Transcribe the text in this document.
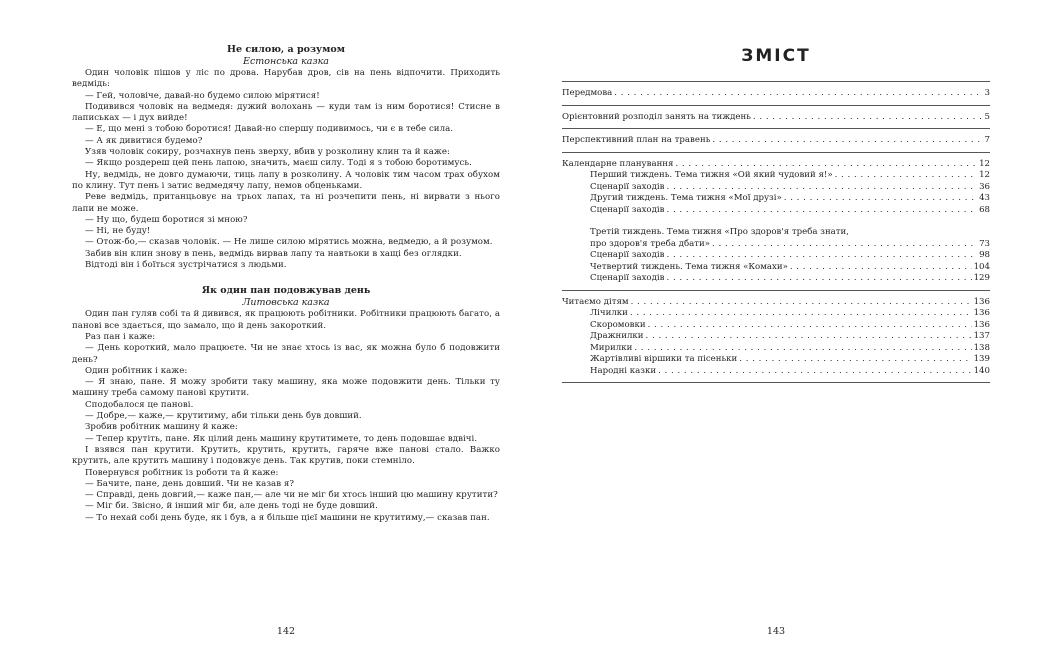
Не силою, а розумом
Естонська казка

Один чоловік пішов у ліс по дрова. Нарубав дров, сів на пень відпочити. Приходить ведмідь:

— Гей, чоловіче, давай-но будемо силою мірятися!

Подивився чоловік на ведмедя: дужий волохань — куди там із ним боротися! Стисне в лаписьках — і дух вийде!

— Е, що мені з тобою боротися! Давай-но спершу подивимось, чи є в тебе сила.

— А як дивитися будемо?

Узяв чоловік сокиру, розчахнув пень зверху, вбив у розколину клин та й каже:

— Якщо роздереш цей пень лапою, значить, маєш силу. Тоді я з тобою боротимусь.

Ну, ведмідь, не довго думаючи, тиць лапу в розколину. А чоловік тим часом трах обухом по клину. Тут пень і затис ведмедячу лапу, немов обценьками.

Реве ведмідь, пританцьовує на трьох лапах, та ні розчепити пень, ні вирвати з нього лапи не може.

— Ну що, будеш боротися зі мною?

— Ні, не буду!

— Отож-бо,— сказав чоловік. — Не лише силою мірятись можна, ведмедю, а й розумом.

Забив він клин знову в пень, ведмідь вирвав лапу та навтьоки в хащі без оглядки.

Відтоді він і боїться зустрічатися з людьми.

Як один пан подовжував день
Литовська казка

Один пан гуляв собі та й дивився, як працюють робітники. Робітники працюють багато, а панові все здається, що замало, що й день закороткий.

Раз пан і каже:

— День короткий, мало працюєте. Чи не знає хтось із вас, як можна було б подовжити день?

Один робітник і каже:

— Я знаю, пане. Я можу зробити таку машину, яка може подовжити день. Тільки ту машину треба самому панові крутити.

Сподобалося це панові.

— Добре,— каже,— крутитиму, аби тільки день був довший.

Зробив робітник машину й каже:

— Тепер крутіть, пане. Як цілий день машину крутитимете, то день подовшає вдвічі.

І взявся пан крутити. Крутить, крутить, крутить, гаряче вже панові стало. Важко крутить, але крутить машину і подовжує день. Так крутив, поки стемніло.

Повернувся робітник із роботи та й каже:

— Бачите, пане, день довший. Чи не казав я?

— Справді, день довгий,— каже пан,— але чи не міг би хтось інший цю машину крутити?

— Міг би. Звісно, й інший міг би, але день тоді не буде довший.

— То нехай собі день буде, як і був, а я більше цієї машини не крутитиму,— сказав пан.

142
ЗМІСТ
Передмова . . .	3
Орієнтовний розподіл занять на тиждень . . .	5
Перспективний план на травень . . .	7
Календарне планування . . .	12
Перший тиждень. Тема тижня «Ой який чудовий я!» . . .	12
Сценарії заходів . . .	36
Другий тиждень. Тема тижня «Мої друзі» . . .	43
Сценарії заходів . . .	68
Третій тиждень. Тема тижня «Про здоров'я треба знати,
про здоров'я треба дбати» . . .	73
Сценарії заходів . . .	98
Четвертий тиждень. Тема тижня «Комахи» . . .	104
Сценарії заходів . . .	129
Читаємо дітям . . .	136
Лічилки . . .	136
Скоромовки . . .	136
Дражнилки . . .	137
Мирилки . . .	138
Жартівливі віршики та пісеньки . . .	139
Народні казки . . .	140
143
